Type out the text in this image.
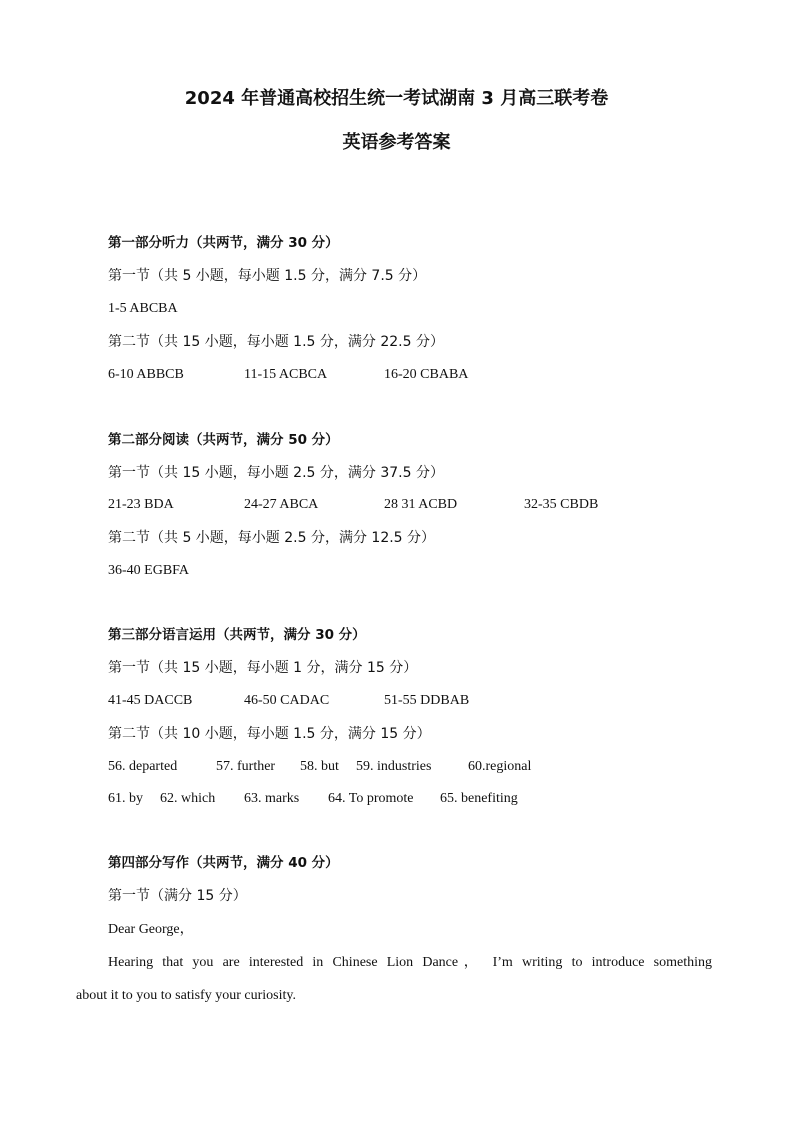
2024 年普通高校招生统一考试湖南 3 月高三联考卷
英语参考答案
第一部分听力（共两节，满分 30 分）
第一节（共 5 小题，每小题 1.5 分，满分 7.5 分）
1-5 ABCBA
第二节（共 15 小题，每小题 1.5 分，满分 22.5 分）
6-10 ABBCB	11-15 ACBCA	16-20 CBABA
第二部分阅读（共两节，满分 50 分）
第一节（共 15 小题，每小题 2.5 分，满分 37.5 分）
21-23 BDA	24-27 ABCA	28 31 ACBD	32-35 CBDB
第二节（共 5 小题，每小题 2.5 分，满分 12.5 分）
36-40 EGBFA
第三部分语言运用（共两节，满分 30 分）
第一节（共 15 小题，每小题 1 分，满分 15 分）
41-45 DACCB	46-50 CADAC	51-55 DDBAB
第二节（共 10 小题，每小题 1.5 分，满分 15 分）
56. departed	57. further 58. but 59. industries	60.regional
61. by 62. which 63. marks 64. To promote 65. benefiting
第四部分写作（共两节，满分 40 分）
第一节（满分 15 分）
Dear George，
Hearing that you are interested in Chinese Lion Dance， I’m writing to introduce something
about it to you to satisfy your curiosity.
